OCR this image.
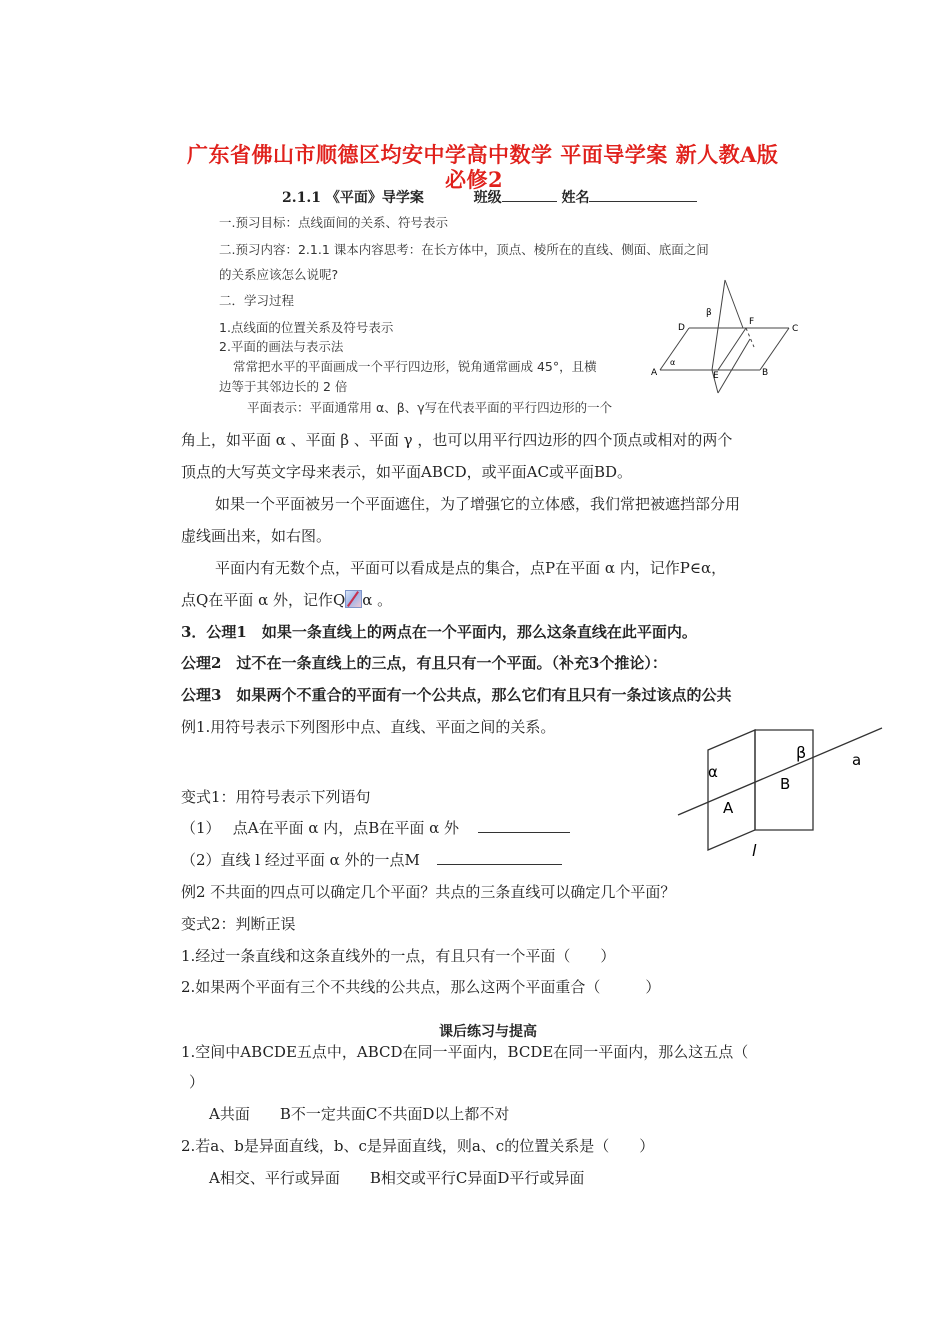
广东省佛山市顺德区均安中学高中数学 平面导学案 新人教A版
必修2
2.1.1 《平面》导学案	班级	姓名
一.预习目标：点线面间的关系、符号表示
二.预习内容：2.1.1 课本内容思考：在长方体中，顶点、棱所在的直线、侧面、底面之间
的关系应该怎么说呢?
二．学习过程
1.点线面的位置关系及符号表示
2.平面的画法与表示法
常常把水平的平面画成一个平行四边形，锐角通常画成 45°，且横
边等于其邻边长的 2 倍
平面表示：平面通常用 α、β、γ写在代表平面的平行四边形的一个
D
F
C
A	E	B
β
α
角上，如平面 α 、平面 β 、平面 γ ，也可以用平行四边形的四个顶点或相对的两个
顶点的大写英文字母来表示，如平面ABCD，或平面AC或平面BD。
如果一个平面被另一个平面遮住，为了增强它的立体感，我们常把被遮挡部分用
虚线画出来，如右图。
平面内有无数个点，平面可以看成是点的集合，点P在平面 α 内，记作P∈α，
点Q在平面 α 外，记作Q α 。
3．公理1　如果一条直线上的两点在一个平面内，那么这条直线在此平面内。
公理2　过不在一条直线上的三点，有且只有一个平面。（补充3个推论）：
公理3　如果两个不重合的平面有一个公共点，那么它们有且只有一条过该点的公共
例1.用符号表示下列图形中点、直线、平面之间的关系。
β	a
α
B
A
l
变式1：用符号表示下列语句
（1）　 点A在平面 α 内，点B在平面 α 外
（2）直线 l 经过平面 α 外的一点M
例2 不共面的四点可以确定几个平面？共点的三条直线可以确定几个平面？
变式2：判断正误
1.经过一条直线和这条直线外的一点，有且只有一个平面（　　）
2.如果两个平面有三个不共线的公共点，那么这两个平面重合（　　　）
课后练习与提高
1.空间中ABCDE五点中，ABCD在同一平面内，BCDE在同一平面内，那么这五点（
）
A共面　　B不一定共面C不共面D以上都不对
2.若a、b是异面直线，b、c是异面直线，则a、c的位置关系是（　　）
A相交、平行或异面　　B相交或平行C异面D平行或异面
